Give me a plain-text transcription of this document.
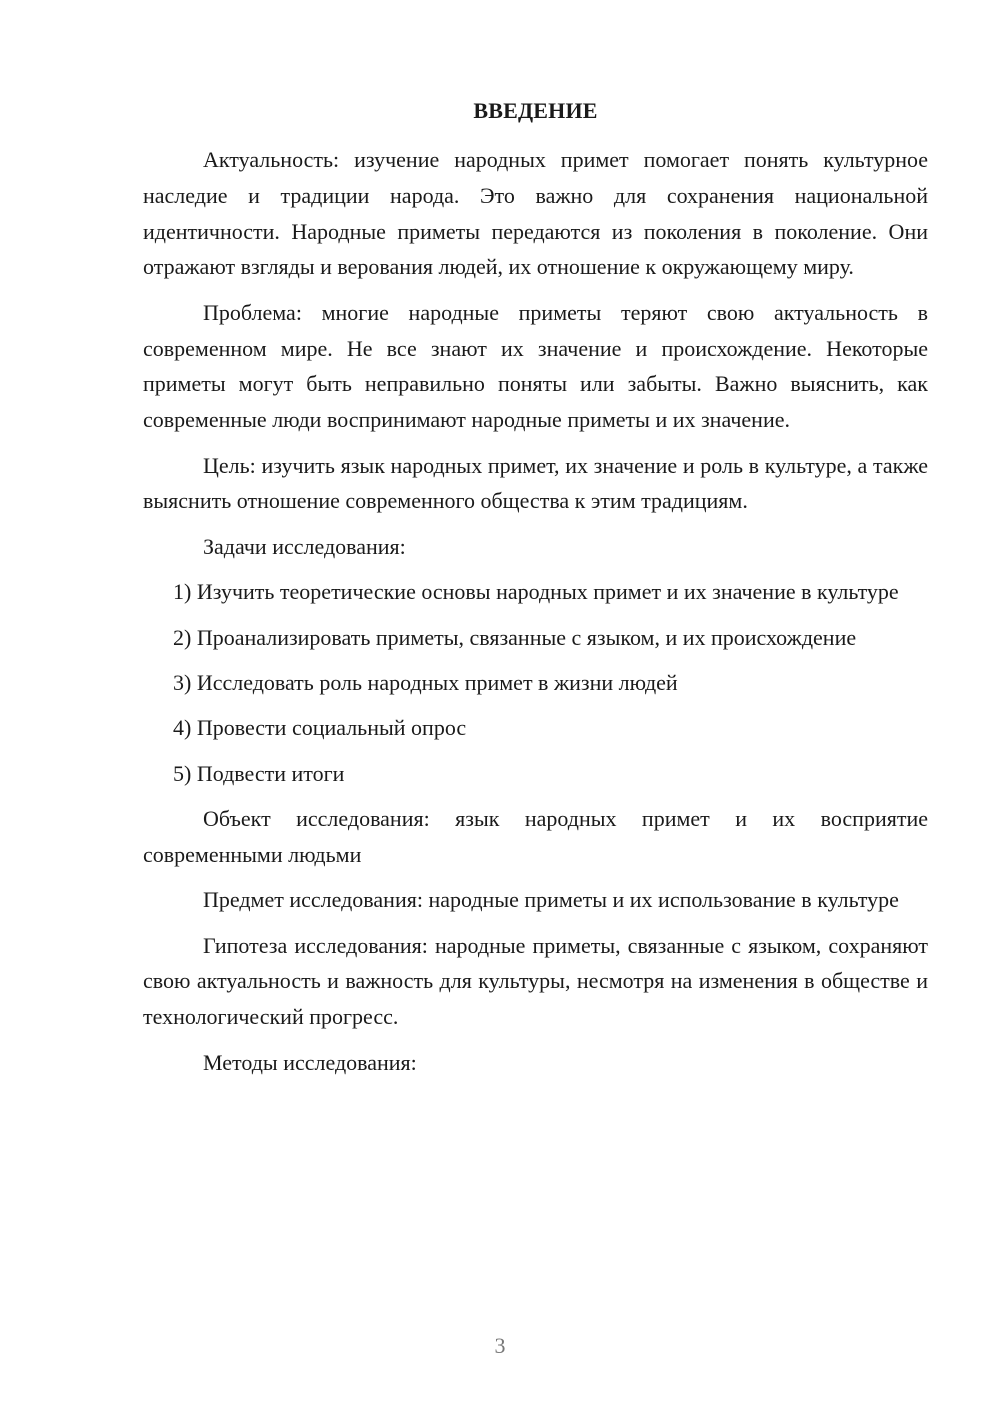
ВВЕДЕНИЕ

Актуальность: изучение народных примет помогает понять культурное наследие и традиции народа. Это важно для сохранения национальной идентичности. Народные приметы передаются из поколения в поколение. Они отражают взгляды и верования людей, их отношение к окружающему миру.

Проблема: многие народные приметы теряют свою актуальность в современном мире. Не все знают их значение и происхождение. Некоторые приметы могут быть неправильно поняты или забыты. Важно выяснить, как современные люди воспринимают народные приметы и их значение.

Цель: изучить язык народных примет, их значение и роль в культуре, а также выяснить отношение современного общества к этим традициям.

Задачи исследования:

1) Изучить теоретические основы народных примет и их значение в культуре

2) Проанализировать приметы, связанные с языком, и их происхождение

3) Исследовать роль народных примет в жизни людей

4) Провести социальный опрос

5) Подвести итоги

Объект исследования: язык народных примет и их восприятие современными людьми

Предмет исследования: народные приметы и их использование в культуре

Гипотеза исследования: народные приметы, связанные с языком, сохраняют свою актуальность и важность для культуры, несмотря на изменения в обществе и технологический прогресс.

Методы исследования:

3
